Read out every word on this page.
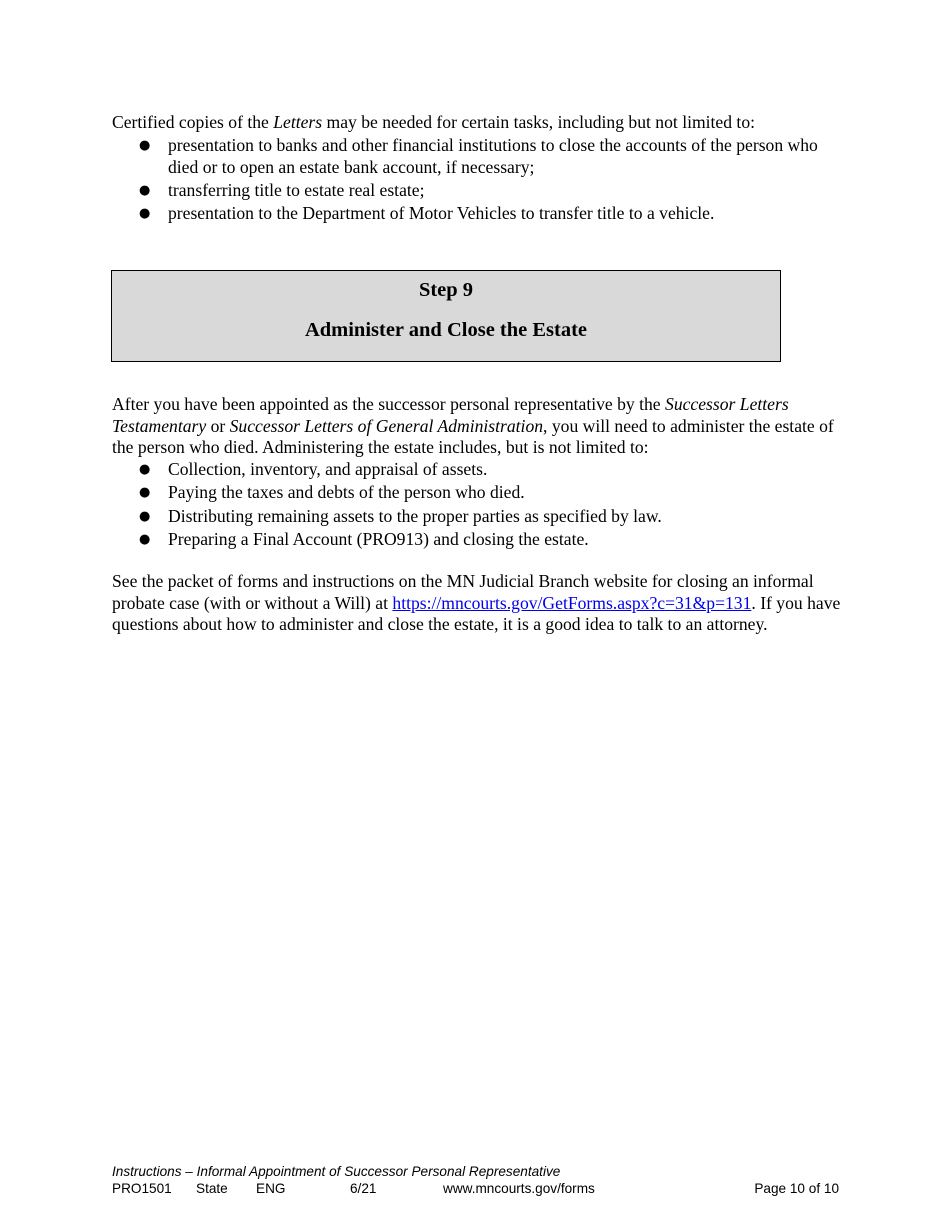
Certified copies of the Letters may be needed for certain tasks, including but not limited to:

● presentation to banks and other financial institutions to close the accounts of the person who died or to open an estate bank account, if necessary;
● transferring title to estate real estate;
● presentation to the Department of Motor Vehicles to transfer title to a vehicle.
Step 9
Administer and Close the Estate

After you have been appointed as the successor personal representative by the Successor Letters Testamentary or Successor Letters of General Administration, you will need to administer the estate of the person who died. Administering the estate includes, but is not limited to:

● Collection, inventory, and appraisal of assets.
● Paying the taxes and debts of the person who died.
● Distributing remaining assets to the proper parties as specified by law.
● Preparing a Final Account (PRO913) and closing the estate.

See the packet of forms and instructions on the MN Judicial Branch website for closing an informal probate case (with or without a Will) at https://mncourts.gov/GetForms.aspx?c=31&p=131. If you have questions about how to administer and close the estate, it is a good idea to talk to an attorney.

Instructions – Informal Appointment of Successor Personal Representative
PRO1501 State ENG	6/21	www.mncourts.gov/forms	Page 10 of 10
